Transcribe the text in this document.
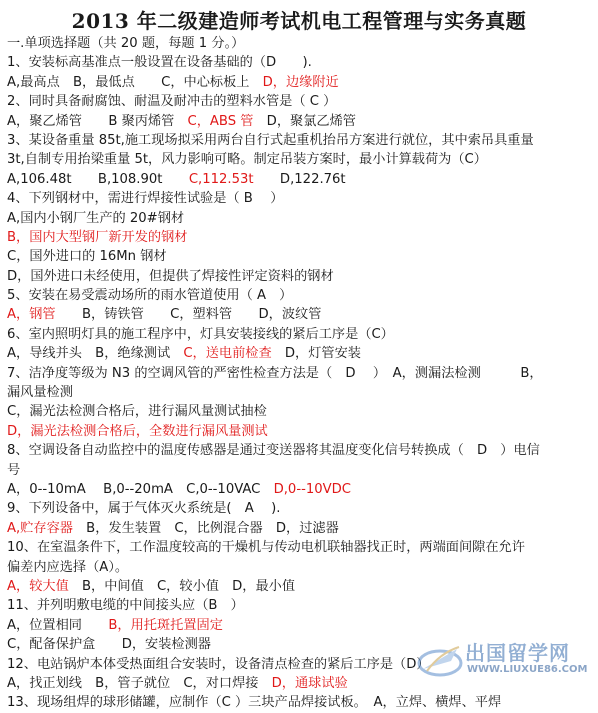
2013 年二级建造师考试机电工程管理与实务真题
一.单项选择题（共 20 题，每题 1 分。）
1、安装标高基准点一般设置在设备基础的（D　　).
A,最高点　B，最低点　　C，中心标板上　D，边缘附近
2、同时具备耐腐蚀、耐温及耐冲击的塑料水管是（ C ）
A，聚乙烯管　　B 聚丙烯管　C，ABS 管　D，聚氯乙烯管
3、某设备重量 85t,施工现场拟采用两台自行式起重机抬吊方案进行就位，其中索吊具重量
3t,自制专用抬梁重量 5t，风力影响可略。制定吊装方案时，最小计算载荷为（C）
A,106.48t　　B,108.90t　　C,112.53t　　D,122.76t
4、下列钢材中，需进行焊接性试验是（ B　 ）
A,国内小钢厂生产的 20#钢材
B，国内大型钢厂新开发的钢材
C，国外进口的 16Mn 钢材
D，国外进口未经使用，但提供了焊接性评定资料的钢材
5、安装在易受震动场所的雨水管道使用（ A　）
A，钢管　　B，铸铁管　　C，塑料管　　D，波纹管
6、室内照明灯具的施工程序中，灯具安装接线的紧后工序是（C）
A，导线并头　B，绝缘测试　C，送电前检查　D，灯管安装
7、洁净度等级为 N3 的空调风管的严密性检查方法是（　D　 ）　A，测漏法检测　　　B，
漏风量检测
C，漏光法检测合格后，进行漏风量测试抽检
D，漏光法检测合格后，全数进行漏风量测试
8、空调设备自动监控中的温度传感器是通过变送器将其温度变化信号转换成（　D　）电信
号
A，0--10mA　 B,0--20mA　C,0--10VAC　D,0--10VDC
9、下列设备中，属于气体灭火系统是(　A　 ).
A,贮存容器　B，发生装置　C，比例混合器　D，过滤器
10、在室温条件下，工作温度较高的干燥机与传动电机联轴器找正时，两端面间隙在允许
偏差内应选择（A）。
A，较大值　B，中间值　C，较小值　D，最小值
11、并列明敷电缆的中间接头应（B　）
A，位置相同　　B，用托斑托置固定
C，配备保护盒　　D，安装检测器
12、电站锅炉本体受热面组合安装时，设备清点检查的紧后工序是（D）
A，找正划线　B，管子就位　C，对口焊接　D，通球试验
13、现场组焊的球形储罐，应制作（C ）三块产品焊接试板。　A，立焊、横焊、平焊
出国留学网
WWW.LIUXUE86.COM
